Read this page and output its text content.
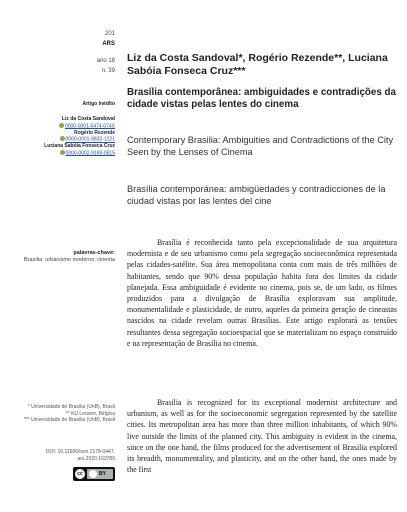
201
ARS
ano 18
n. 39
Liz da Costa Sandoval*, Rogério Rezende**, Luciana Sabóia Fonseca Cruz***
Brasília contemporânea: ambiguidades e contradições da cidade vistas pelas lentes do cinema
Contemporary Brasilia: Ambiguities and Contradictions of the City Seen by the Lenses of Cinema
Brasília contemporánea: ambigüedades y contradicciones de la ciudad vistas por las lentes del cine
Artigo Inédito
Liz da Costa Sandoval
0000-0001-5474-074X
Rogério Rezende
0000-0001-9832-1221
Luciana Sabóia Fonseca Cruz
0000-0002-9169-0515
palavras-chave:
Brasília; urbanismo moderno; cinema
* Universidade de Brasília (UnB), Brasil
** KU Leuven, Bélgica
*** Universidade de Brasília (UnB), Brasil
DOI: 10.11606/issn.2178-0447. ars.2020.163780
cc	BY

Brasília é reconhecida tanto pela excepcionalidade de sua arquitetura modernista e de seu urbanismo como pela segregação socioeconômica representada pelas cidades-satélite. Sua área metropolitana conta com mais de três milhões de habitantes, sendo que 90% dessa população habita fora dos limites da cidade planejada. Essa ambiguidade é evidente no cinema, pois se, de um lado, os filmes produzidos para a divulgação de Brasília exploravam sua amplitude, monumentalidade e plasticidade, de outro, aqueles da primeira geração de cineastas nascidos na cidade revelam outras Brasílias. Este artigo explorará as tensões resultantes dessa segregação socioespacial que se materializam no espaço construído e na representação de Brasília no cinema.

Brasilia is recognized for its exceptional modernist architecture and urbanism, as well as for the socioeconomic segregation represented by the satellite cities. Its metropolitan area has more than three million inhabitants, of which 90% live outside the limits of the planned city. This ambiguity is evident in the cinema, since on the one hand, the films produced for the advertisement of Brasilia explored its breadth, monumentality, and plasticity, and on the other hand, the ones made by the first
